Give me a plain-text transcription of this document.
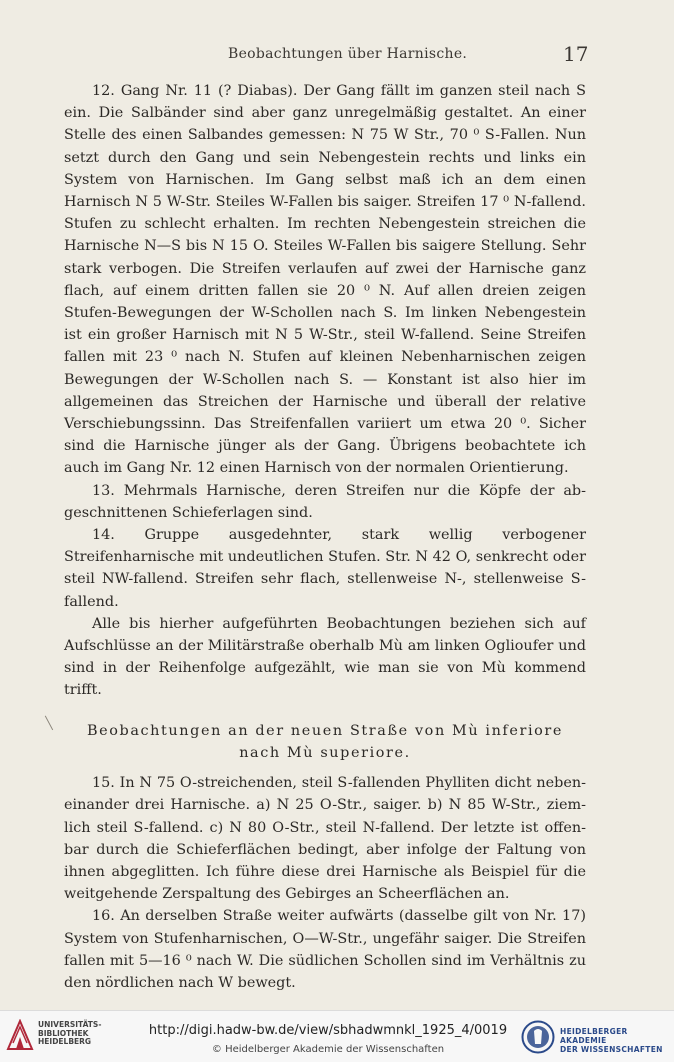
Beobachtungen über Harnische.	17

12. Gang Nr. 11 (? Diabas). Der Gang fällt im ganzen steil nach S ein. Die Salbänder sind aber ganz unregelmäßig gestaltet. An einer Stelle des einen Salbandes gemessen: N 75 W Str., 70 ⁰ S-Fallen. Nun setzt durch den Gang und sein Nebengestein rechts und links ein System von Harnischen. Im Gang selbst maß ich an dem einen Harnisch N 5 W-Str. Steiles W-Fallen bis saiger. Streifen 17 ⁰ N-fallend. Stufen zu schlecht erhalten. Im rechten Nebengestein streichen die Harnische N—S bis N 15 O. Steiles W-Fallen bis saigere Stellung. Sehr stark verbogen. Die Streifen verlaufen auf zwei der Harnische ganz flach, auf einem dritten fallen sie 20 ⁰ N. Auf allen dreien zeigen Stufen-Bewegungen der W-Schollen nach S. Im linken Nebengestein ist ein großer Harnisch mit N 5 W-Str., steil W-fallend. Seine Streifen fallen mit 23 ⁰ nach N. Stufen auf kleinen Nebenharnischen zeigen Bewegungen der W-Schollen nach S. — Konstant ist also hier im allgemeinen das Streichen der Harnische und überall der relative Verschiebungssinn. Das Streifenfallen variiert um etwa 20 ⁰. Sicher sind die Harnische jünger als der Gang. Übrigens beobachtete ich auch im Gang Nr. 12 einen Harnisch von der normalen Orientierung.

13. Mehrmals Harnische, deren Streifen nur die Köpfe der abgeschnittenen Schieferlagen sind.

14. Gruppe ausgedehnter, stark wellig verbogener Streifenharnische mit undeutlichen Stufen. Str. N 42 O, senkrecht oder steil NW-fallend. Streifen sehr flach, stellenweise N-, stellenweise S-fallend.

Alle bis hierher aufgeführten Beobachtungen beziehen sich auf Aufschlüsse an der Militärstraße oberhalb Mù am linken Oglioufer und sind in der Reihenfolge aufgezählt, wie man sie von Mù kommend trifft.

Beobachtungen an der neuen Straße von Mù inferiore
nach Mù superiore.

15. In N 75 O-streichenden, steil S-fallenden Phylliten dicht nebeneinander drei Harnische. a) N 25 O-Str., saiger. b) N 85 W-Str., ziemlich steil S-fallend. c) N 80 O-Str., steil N-fallend. Der letzte ist offenbar durch die Schieferflächen bedingt, aber infolge der Faltung von ihnen abgeglitten. Ich führe diese drei Harnische als Beispiel für die weitgehende Zerspaltung des Gebirges an Scheerflächen an.

16. An derselben Straße weiter aufwärts (dasselbe gilt von Nr. 17) System von Stufenharnischen, O—W-Str., ungefähr saiger. Die Streifen fallen mit 5—16 ⁰ nach W. Die südlichen Schollen sind im Verhältnis zu den nördlichen nach W bewegt.

UNIVERSITÄTS-
BIBLIOTHEK
HEIDELBERG
http://digi.hadw-bw.de/view/sbhadwmnkl_1925_4/0019
© Heidelberger Akademie der Wissenschaften
HEIDELBERGER AKADEMIE
DER WISSENSCHAFTEN
